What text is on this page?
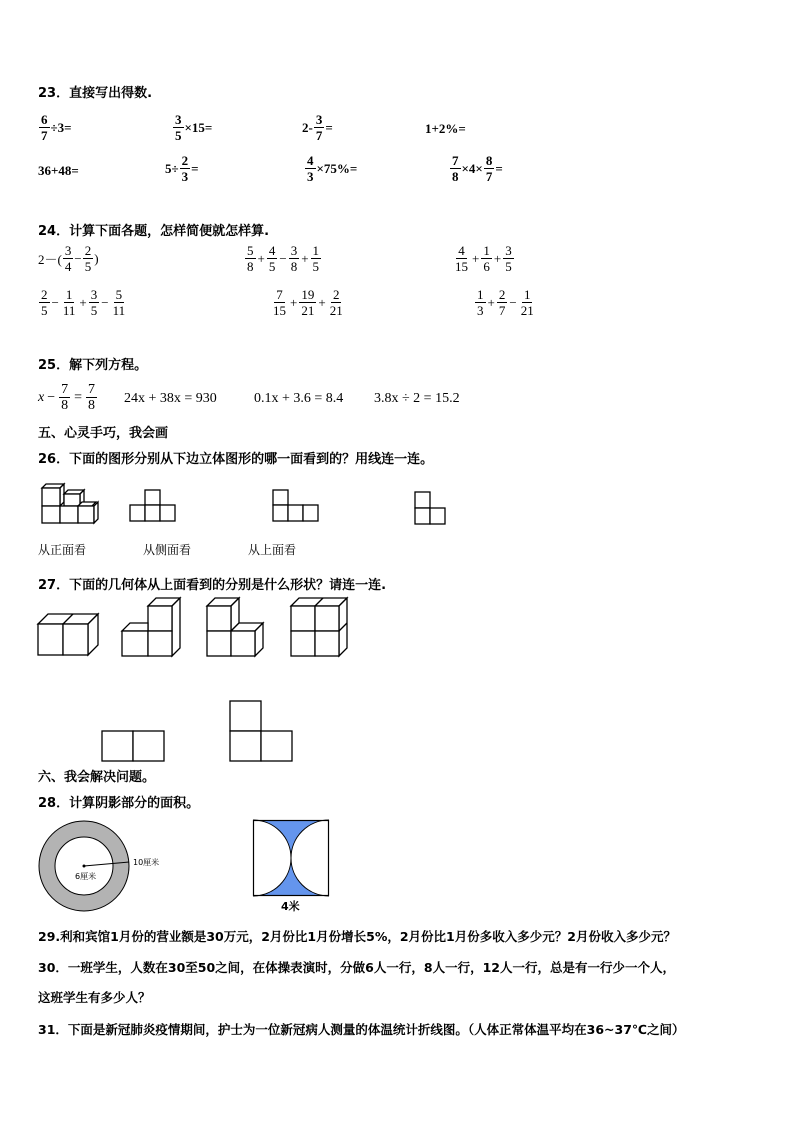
23．直接写出得数.
$\frac{6}{7} \div 3=$	$\frac{3}{5} \times 15=$	$2- \frac{3}{7}$ =	1+2%=
36+48=	$5\div \frac{2}{3}$ =	$\frac{4}{3} \times 75\%=$	$\frac{7}{8} \times 4\times \frac{8}{7}$ =
24．计算下面各题，怎样简便就怎样算.
$2-( \frac{3}{4} - \frac{2}{5}$ )	$\frac{5}{8} + \frac{4}{5} - \frac{3}{8} + \frac{1}{5}$	$\frac{4}{15} + \frac{1}{6} + \frac{3}{5}$
$\frac{2}{5} - \frac{1}{11} + \frac{3}{5} - \frac{5}{11}$	$\frac{7}{15} + \frac{19}{21} + \frac{2}{21}$	$\frac{1}{3} + \frac{2}{7} - \frac{1}{21}$
25．解下列方程。
$x - \frac{7}{8} = \frac{7}{8} 24x + 38x = 930$	0.1x + 3.6 = 8.4 3.8x ÷ 2 = 15.2
五、心灵手巧，我会画
26．下面的图形分别从下边立体图形的哪一面看到的？用线连一连。
从正面看	从侧面看	从上面看
27．下面的几何体从上面看到的分别是什么形状？请连一连.
六、我会解决问题。
28．计算阴影部分的面积。
10厘米
6厘米
4米
29.利和宾馆1月份的营业额是30万元，2月份比1月份增长5%，2月份比1月份多收入多少元？2月份收入多少元？
30．一班学生，人数在30至50之间，在体操表演时，分做6人一行，8人一行，12人一行，总是有一行少一个人，
这班学生有多少人？
31．下面是新冠肺炎疫情期间，护士为一位新冠病人测量的体温统计折线图。（人体正常体温平均在36~37℃之间）
